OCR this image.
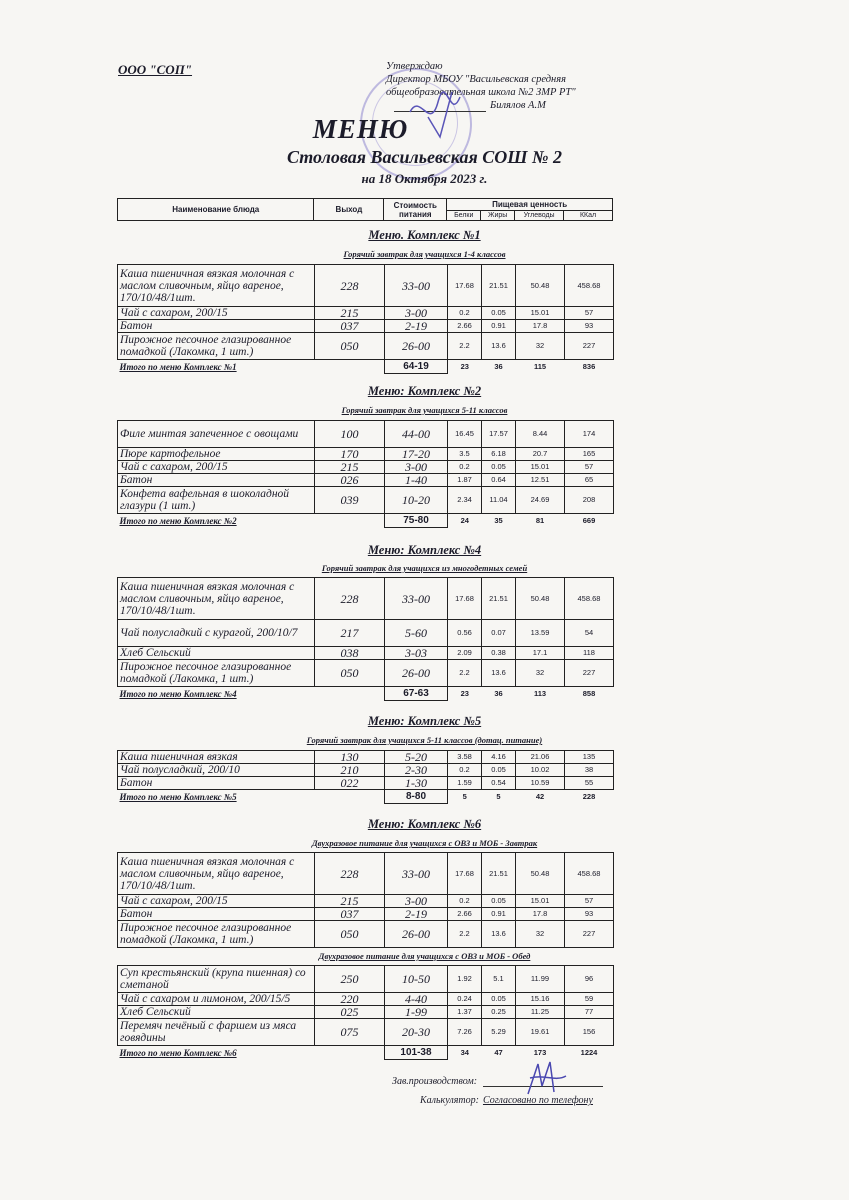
ООО "СОП"	Утверждаю
Директор МБОУ "Васильевская средняя
общеобразовательная школа №2 ЗМР РТ"
Билялов А.М
МЕНЮ
Столовая Васильевская СОШ № 2
на 18 Октября 2023 г.
Наименование блюда	Выход	Стоимость питания	Пищевая ценность			
			Белки	Жиры	Углеводы	ККал
Меню. Комплекс №1
Горячий завтрак для учащихся 1-4 классов
Каша пшеничная вязкая молочная с маслом сливочным, яйцо вареное, 170/10/48/1шт.	228	33-00	17.68	21.51	50.48	458.68
Чай с сахаром, 200/15	215	3-00	0.2	0.05	15.01	57
Батон	037	2-19	2.66	0.91	17.8	93
Пирожное песочное глазированное помадкой (Лакомка, 1 шт.)	050	26-00	2.2	13.6	32	227
Итого по меню Комплекс №1		64-19	23	36	115	836
Меню: Комплекс №2
Горячий завтрак для учащихся 5-11 классов
Филе минтая запеченное с овощами	100	44-00	16.45	17.57	8.44	174
Пюре картофельное	170	17-20	3.5	6.18	20.7	165
Чай с сахаром, 200/15	215	3-00	0.2	0.05	15.01	57
Батон	026	1-40	1.87	0.64	12.51	65
Конфета вафельная в шоколадной глазури (1 шт.)	039	10-20	2.34	11.04	24.69	208
Итого по меню Комплекс №2		75-80	24	35	81	669
Меню: Комплекс №4
Горячий завтрак для учащихся из многодетных семей
Каша пшеничная вязкая молочная с маслом сливочным, яйцо вареное, 170/10/48/1шт.	228	33-00	17.68	21.51	50.48	458.68
Чай полусладкий с курагой, 200/10/7	217	5-60	0.56	0.07	13.59	54
Хлеб Сельский	038	3-03	2.09	0.38	17.1	118
Пирожное песочное глазированное помадкой (Лакомка, 1 шт.)	050	26-00	2.2	13.6	32	227
Итого по меню Комплекс №4		67-63	23	36	113	858
Меню: Комплекс №5
Горячий завтрак для учащихся 5-11 классов (дотац. питание)
Каша пшеничная вязкая	130	5-20	3.58	4.16	21.06	135
Чай полусладкий, 200/10	210	2-30	0.2	0.05	10.02	38
Батон	022	1-30	1.59	0.54	10.59	55
Итого по меню Комплекс №5		8-80	5	5	42	228
Меню: Комплекс №6
Двухразовое питание для учащихся с ОВЗ и МОБ - Завтрак
Каша пшеничная вязкая молочная с маслом сливочным, яйцо вареное, 170/10/48/1шт.	228	33-00	17.68	21.51	50.48	458.68
Чай с сахаром, 200/15	215	3-00	0.2	0.05	15.01	57
Батон	037	2-19	2.66	0.91	17.8	93
Пирожное песочное глазированное помадкой (Лакомка, 1 шт.)	050	26-00	2.2	13.6	32	227
Двухразовое питание для учащихся с ОВЗ и МОБ - Обед
Суп крестьянский (крупа пшенная) со сметаной	250	10-50	1.92	5.1	11.99	96
Чай с сахаром и лимоном, 200/15/5	220	4-40	0.24	0.05	15.16	59
Хлеб Сельский	025	1-99	1.37	0.25	11.25	77
Перемяч печёный с фаршем из мяса говядины	075	20-30	7.26	5.29	19.61	156
Итого по меню Комплекс №6		101-38	34	47	173	1224
Зав.производством:
Калькулятор: Согласовано по телефону
